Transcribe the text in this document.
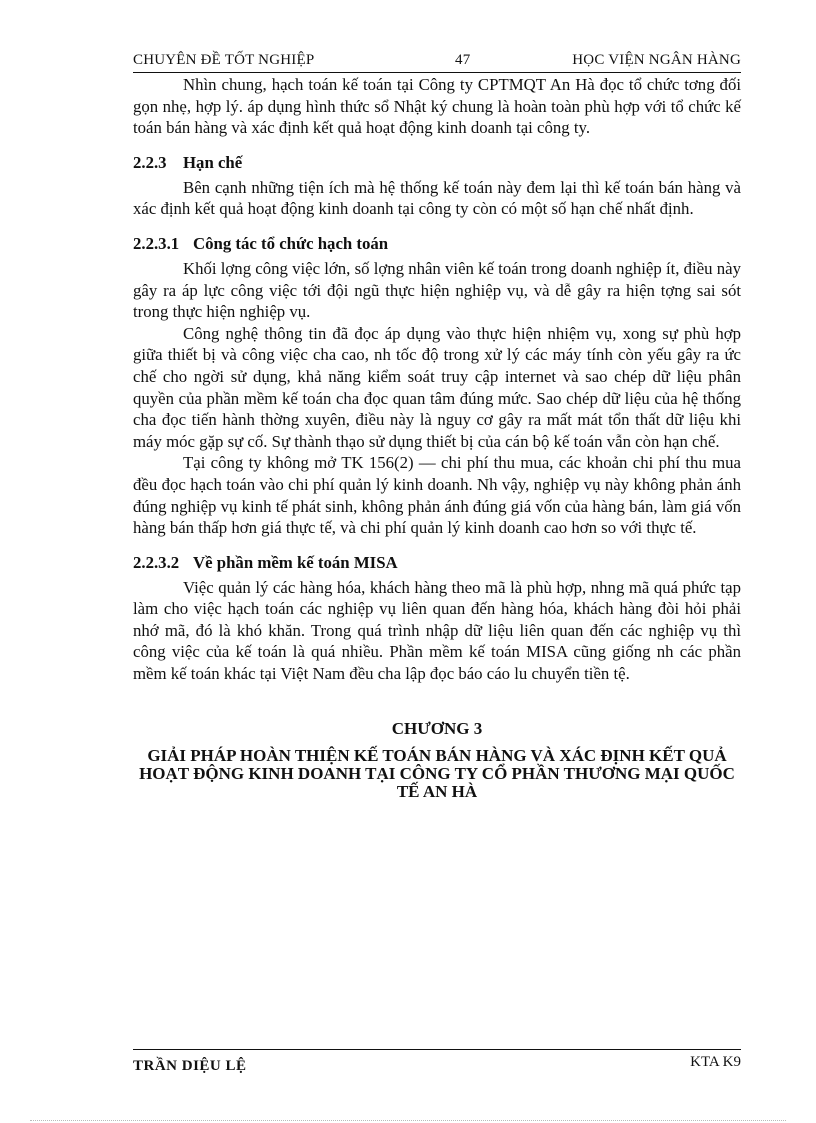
CHUYÊN ĐỀ TỐT NGHIỆP	47	HỌC VIỆN NGÂN HÀNG

Nhìn chung, hạch toán kế toán tại Công ty CPTMQT An Hà đọc tổ chức tơng đối gọn nhẹ, hợp lý. áp dụng hình thức sổ Nhật ký chung là hoàn toàn phù hợp với tổ chức kế toán bán hàng và xác định kết quả hoạt động kinh doanh tại công ty.

2.2.3 Hạn chế

Bên cạnh những tiện ích mà hệ thống kế toán này đem lại thì kế toán bán hàng và xác định kết quả hoạt động kinh doanh tại công ty còn có một số hạn chế nhất định.

2.2.3.1 Công tác tổ chức hạch toán

Khối lợng công việc lớn, số lợng nhân viên kế toán trong doanh nghiệp ít, điều này gây ra áp lực công việc tới đội ngũ thực hiện nghiệp vụ, và dễ gây ra hiện tợng sai sót trong thực hiện nghiệp vụ.

Công nghệ thông tin đã đọc áp dụng vào thực hiện nhiệm vụ, xong sự phù hợp giữa thiết bị và công việc cha cao, nh tốc độ trong xử lý các máy tính còn yếu gây ra ức chế cho ngời sử dụng, khả năng kiểm soát truy cập internet và sao chép dữ liệu phân quyền của phần mềm kế toán cha đọc quan tâm đúng mức. Sao chép dữ liệu của hệ thống cha đọc tiến hành thờng xuyên, điều này là nguy cơ gây ra mất mát tổn thất dữ liệu khi máy móc gặp sự cố. Sự thành thạo sử dụng thiết bị của cán bộ kế toán vẫn còn hạn chế.

Tại công ty không mở TK 156(2) — chi phí thu mua, các khoản chi phí thu mua đều đọc hạch toán vào chi phí quản lý kinh doanh. Nh vậy, nghiệp vụ này không phản ánh đúng nghiệp vụ kinh tế phát sinh, không phản ánh đúng giá vốn của hàng bán, làm giá vốn hàng bán thấp hơn giá thực tế, và chi phí quản lý kinh doanh cao hơn so với thực tế.

2.2.3.2 Về phần mềm kế toán MISA

Việc quản lý các hàng hóa, khách hàng theo mã là phù hợp, nhng mã quá phức tạp làm cho việc hạch toán các nghiệp vụ liên quan đến hàng hóa, khách hàng đòi hỏi phải nhớ mã, đó là khó khăn. Trong quá trình nhập dữ liệu liên quan đến các nghiệp vụ thì công việc của kế toán là quá nhiều. Phần mềm kế toán MISA cũng giống nh các phần mềm kế toán khác tại Việt Nam đều cha lập đọc báo cáo lu chuyển tiền tệ.

CHƯƠNG 3
GIẢI PHÁP HOÀN THIỆN KẾ TOÁN BÁN HÀNG VÀ XÁC ĐỊNH KẾT QUẢ HOẠT ĐỘNG KINH DOANH TẠI CÔNG TY CỔ PHẦN THƯƠNG MẠI QUỐC TẾ AN HÀ
TRẦN DIỆU LỆ	KTA K9
